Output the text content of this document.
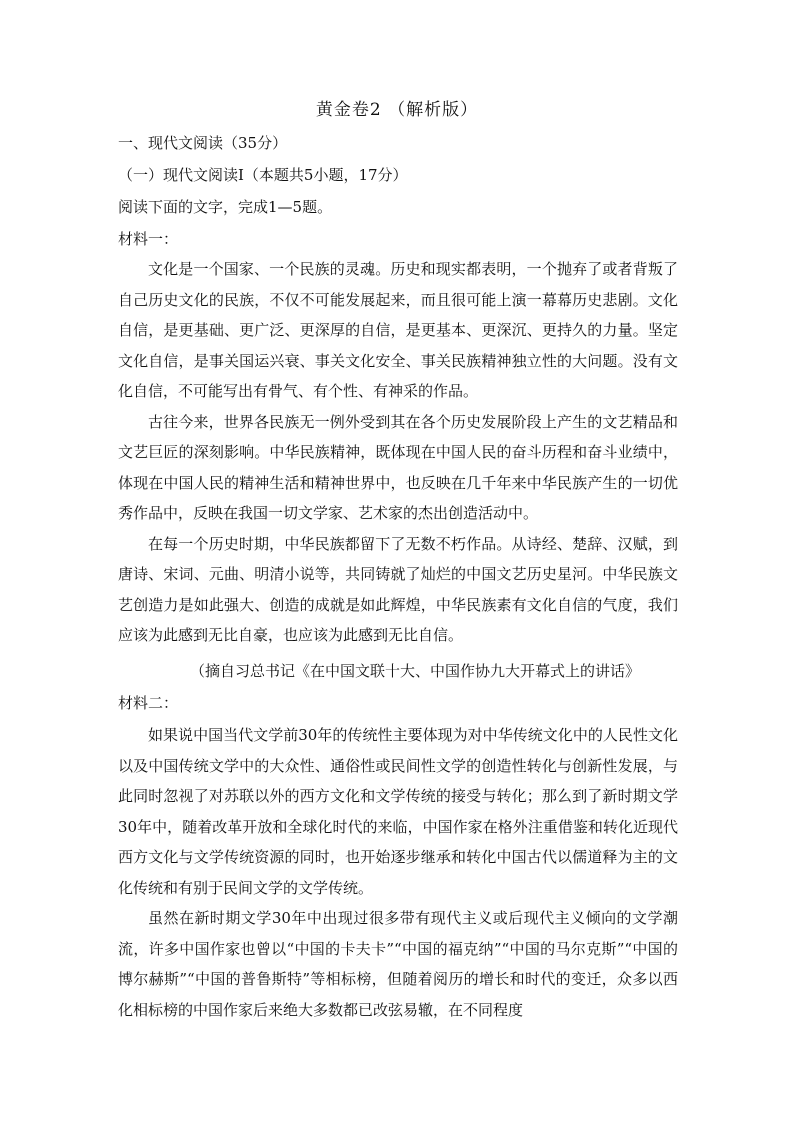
黄金卷2 （解析版）
一、现代文阅读（35分）
（一）现代文阅读Ⅰ（本题共5小题，17分）
阅读下面的文字，完成1—5题。
材料一：

文化是一个国家、一个民族的灵魂。历史和现实都表明，一个抛弃了或者背叛了自己历史文化的民族，不仅不可能发展起来，而且很可能上演一幕幕历史悲剧。文化自信，是更基础、更广泛、更深厚的自信，是更基本、更深沉、更持久的力量。坚定文化自信，是事关国运兴衰、事关文化安全、事关民族精神独立性的大问题。没有文化自信，不可能写出有骨气、有个性、有神采的作品。

古往今来，世界各民族无一例外受到其在各个历史发展阶段上产生的文艺精品和文艺巨匠的深刻影响。中华民族精神，既体现在中国人民的奋斗历程和奋斗业绩中，体现在中国人民的精神生活和精神世界中，也反映在几千年来中华民族产生的一切优秀作品中，反映在我国一切文学家、艺术家的杰出创造活动中。

在每一个历史时期，中华民族都留下了无数不朽作品。从诗经、楚辞、汉赋，到唐诗、宋词、元曲、明清小说等，共同铸就了灿烂的中国文艺历史星河。中华民族文艺创造力是如此强大、创造的成就是如此辉煌，中华民族素有文化自信的气度，我们应该为此感到无比自豪，也应该为此感到无比自信。

（摘自习总书记《在中国文联十大、中国作协九大开幕式上的讲话》
材料二：

如果说中国当代文学前30年的传统性主要体现为对中华传统文化中的人民性文化以及中国传统文学中的大众性、通俗性或民间性文学的创造性转化与创新性发展，与此同时忽视了对苏联以外的西方文化和文学传统的接受与转化；那么到了新时期文学30年中，随着改革开放和全球化时代的来临，中国作家在格外注重借鉴和转化近现代西方文化与文学传统资源的同时，也开始逐步继承和转化中国古代以儒道释为主的文化传统和有别于民间文学的文学传统。

虽然在新时期文学30年中出现过很多带有现代主义或后现代主义倾向的文学潮流，许多中国作家也曾以“中国的卡夫卡”“中国的福克纳”“中国的马尔克斯”“中国的博尔赫斯”“中国的普鲁斯特”等相标榜，但随着阅历的增长和时代的变迁，众多以西化相标榜的中国作家后来绝大多数都已改弦易辙，在不同程度
